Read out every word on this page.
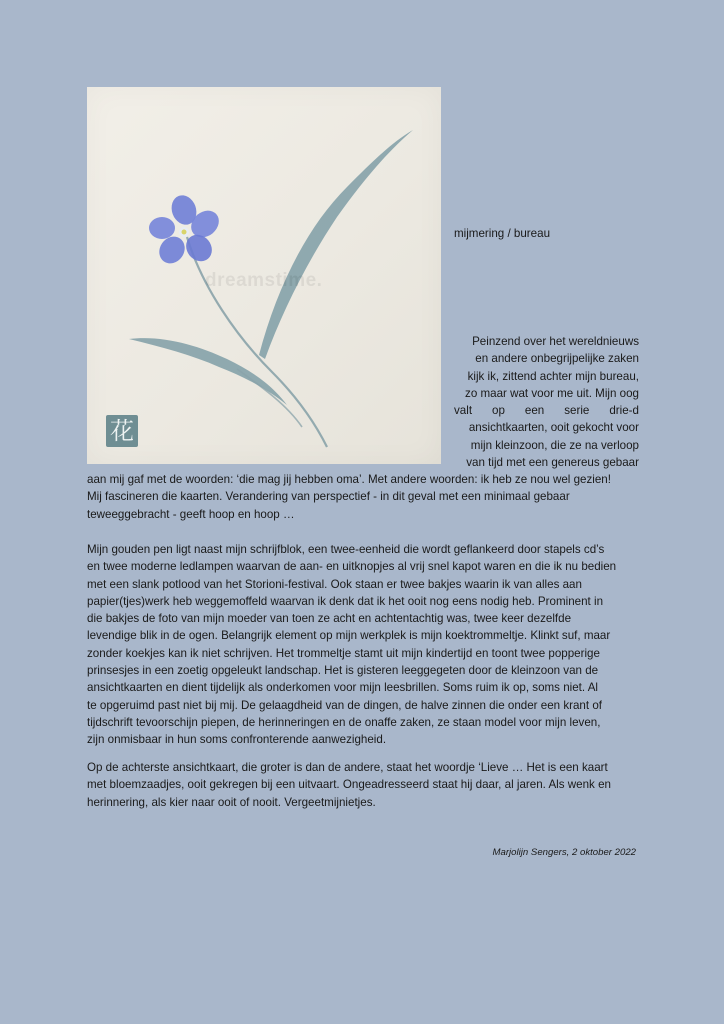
dreamstime.
花
mijmering / bureau
Peinzend over het wereldnieuws
en andere onbegrijpelijke zaken
kijk ik, zittend achter mijn bureau,
zo maar wat voor me uit. Mijn oog
valt op een serie drie-d
ansichtkaarten, ooit gekocht voor
mijn kleinzoon, die ze na verloop
van tijd met een genereus gebaar
aan mij gaf met de woorden: ‘die mag jij hebben oma’. Met andere woorden: ik heb ze nou wel gezien!
Mij fascineren die kaarten. Verandering van perspectief - in dit geval met een minimaal gebaar
teweeggebracht - geeft hoop en hoop …
Mijn gouden pen ligt naast mijn schrijfblok, een twee-eenheid die wordt geflankeerd door stapels cd’s
en twee moderne ledlampen waarvan de aan- en uitknopjes al vrij snel kapot waren en die ik nu bedien
met een slank potlood van het Storioni-festival. Ook staan er twee bakjes waarin ik van alles aan
papier(tjes)werk heb weggemoffeld waarvan ik denk dat ik het ooit nog eens nodig heb. Prominent in
die bakjes de foto van mijn moeder van toen ze acht en achtentachtig was, twee keer dezelfde
levendige blik in de ogen. Belangrijk element op mijn werkplek is mijn koektrommeltje. Klinkt suf, maar
zonder koekjes kan ik niet schrijven. Het trommeltje stamt uit mijn kindertijd en toont twee popperige
prinsesjes in een zoetig opgeleukt landschap. Het is gisteren leeggegeten door de kleinzoon van de
ansichtkaarten en dient tijdelijk als onderkomen voor mijn leesbrillen. Soms ruim ik op, soms niet. Al
te opgeruimd past niet bij mij. De gelaagdheid van de dingen, de halve zinnen die onder een krant of
tijdschrift tevoorschijn piepen, de herinneringen en de onaffe zaken, ze staan model voor mijn leven,
zijn onmisbaar in hun soms confronterende aanwezigheid.
Op de achterste ansichtkaart, die groter is dan de andere, staat het woordje ‘Lieve … Het is een kaart
met bloemzaadjes, ooit gekregen bij een uitvaart. Ongeadresseerd staat hij daar, al jaren. Als wenk en
herinnering, als kier naar ooit of nooit. Vergeetmijnietjes.
Marjolijn Sengers, 2 oktober 2022
